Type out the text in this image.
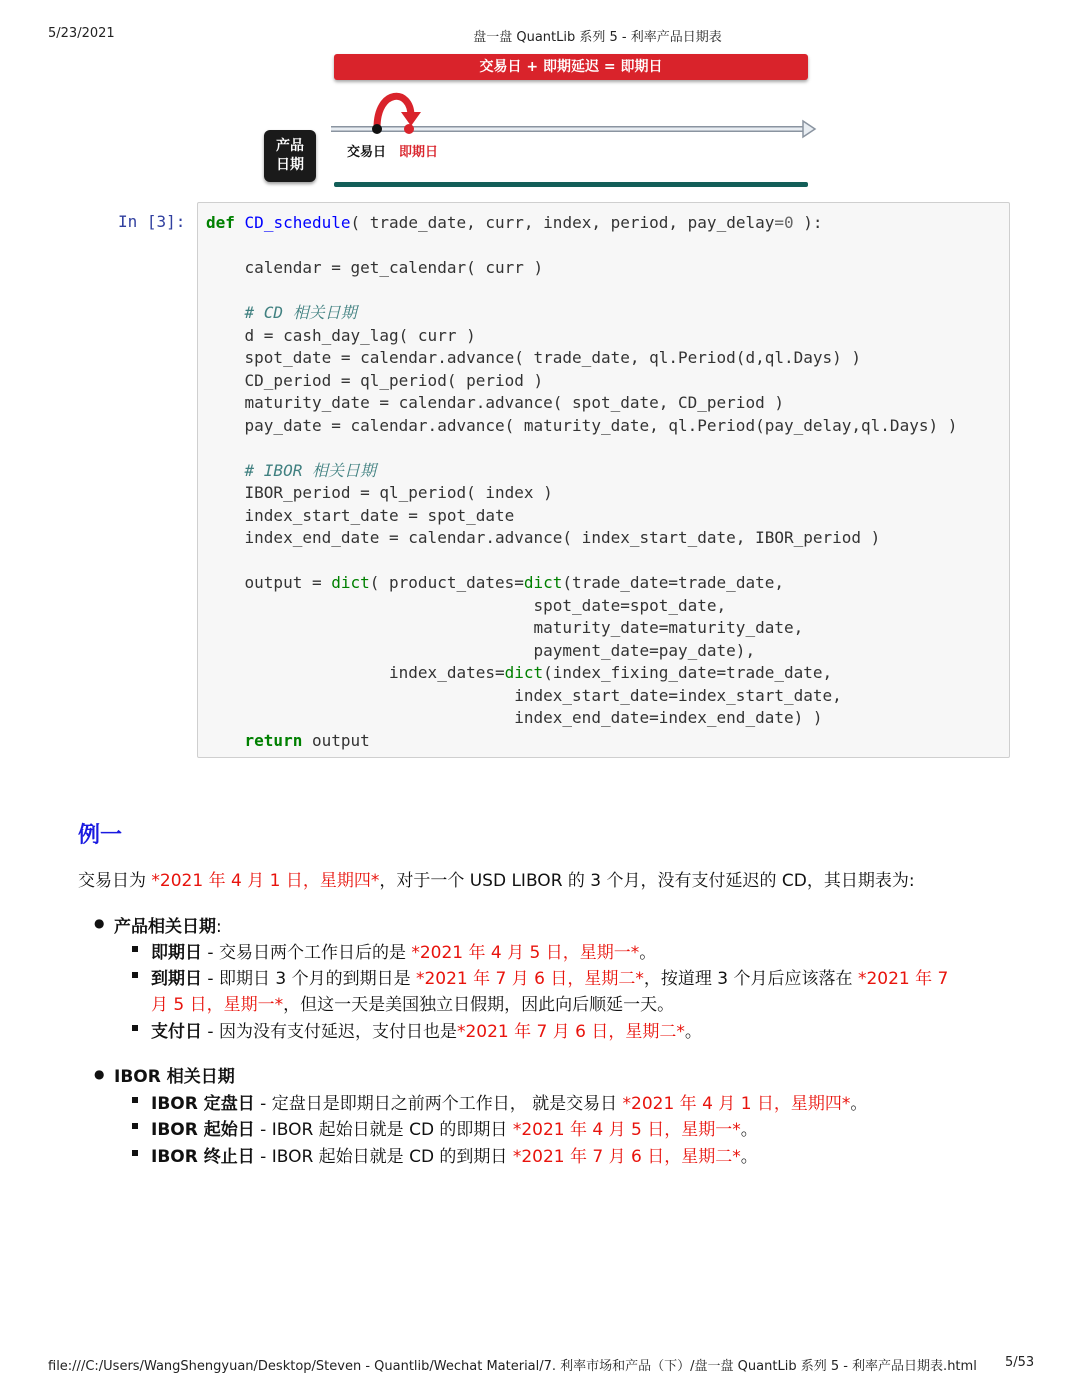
5/23/2021	盘一盘 QuantLib 系列 5 - 利率产品日期表
交易日 + 即期延迟 = 即期日
产品
日期
交易日 即期日
In [3]: def CD_schedule( trade_date, curr, index, period, pay_delay=0 ):

calendar = get_calendar( curr )

# CD 相关日期
d = cash_day_lag( curr )
spot_date = calendar.advance( trade_date, ql.Period(d,ql.Days) )
CD_period = ql_period( period )
maturity_date = calendar.advance( spot_date, CD_period )
pay_date = calendar.advance( maturity_date, ql.Period(pay_delay,ql.Days) )

# IBOR 相关日期
IBOR_period = ql_period( index )
index_start_date = spot_date
index_end_date = calendar.advance( index_start_date, IBOR_period )

output = dict( product_dates=dict(trade_date=trade_date,
spot_date=spot_date,
maturity_date=maturity_date,
payment_date=pay_date),
index_dates=dict(index_fixing_date=trade_date,
index_start_date=index_start_date,
index_end_date=index_end_date) )
return output
例一
交易日为 *2021 年 4 月 1 日，星期四*，对于一个 USD LIBOR 的 3 个月，没有支付延迟的 CD，其日期表为:
● 产品相关日期:
即期日 - 交易日两个工作日后的是 *2021 年 4 月 5 日，星期一*。
到期日 - 即期日 3 个月的到期日是 *2021 年 7 月 6 日，星期二*，按道理 3 个月后应该落在 *2021 年 7
月 5 日，星期一*，但这一天是美国独立日假期，因此向后顺延一天。
支付日 - 因为没有支付延迟，支付日也是*2021 年 7 月 6 日，星期二*。
● IBOR 相关日期
IBOR 定盘日 - 定盘日是即期日之前两个工作日， 就是交易日 *2021 年 4 月 1 日，星期四*。
IBOR 起始日 - IBOR 起始日就是 CD 的即期日 *2021 年 4 月 5 日，星期一*。
IBOR 终止日 - IBOR 起始日就是 CD 的到期日 *2021 年 7 月 6 日，星期二*。
file:///C:/Users/WangShengyuan/Desktop/Steven - Quantlib/Wechat Material/7. 利率市场和产品（下）/盘一盘 QuantLib 系列 5 - 利率产品日期表.html 5/53
